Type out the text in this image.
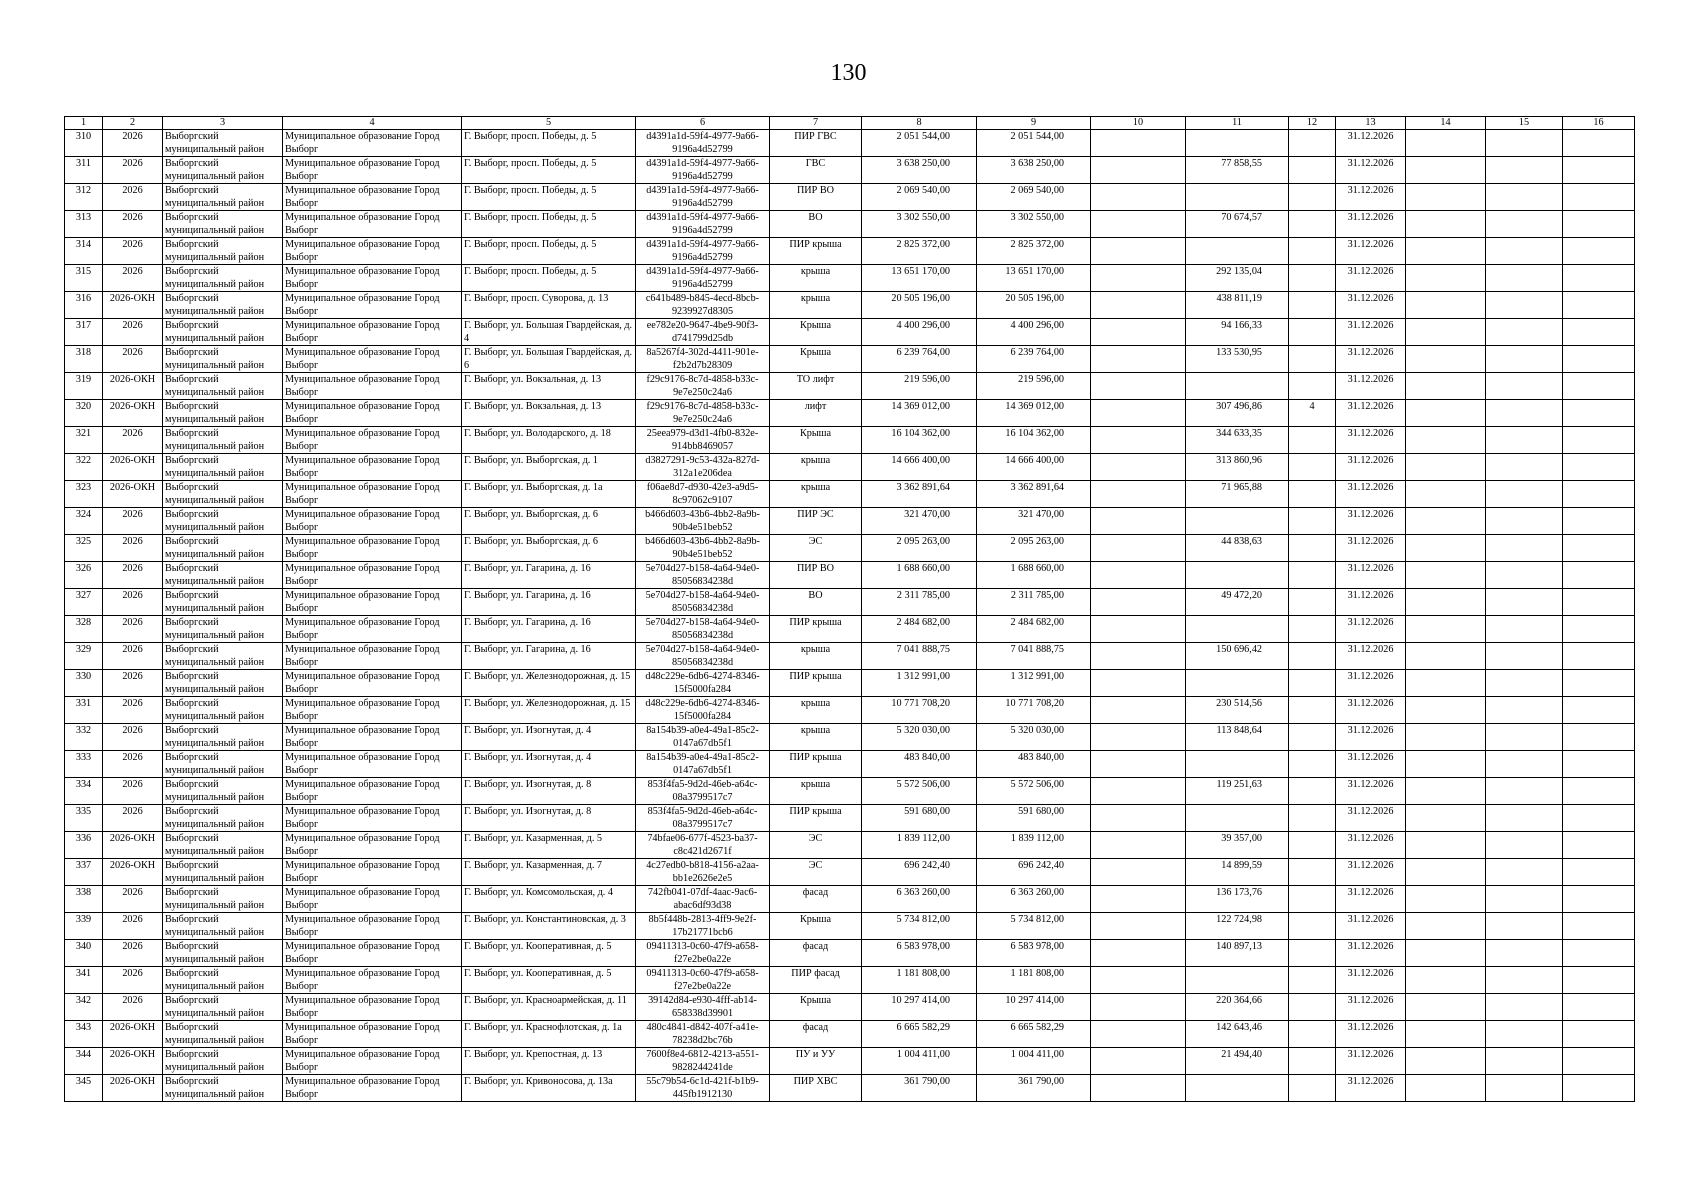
130
1	2	3	4	5	6	7	8	9	10	11	12	13	14	15	16
310	2026	Выборгский муниципальный район	Муниципальное образование Город Выборг	Г. Выборг, просп. Победы, д. 5	d4391a1d-59f4-4977-9a66-9196a4d52799	ПИР ГВС	2 051 544,00	2 051 544,00				31.12.2026			
311	2026	Выборгский муниципальный район	Муниципальное образование Город Выборг	Г. Выборг, просп. Победы, д. 5	d4391a1d-59f4-4977-9a66-9196a4d52799	ГВС	3 638 250,00	3 638 250,00		77 858,55		31.12.2026			
312	2026	Выборгский муниципальный район	Муниципальное образование Город Выборг	Г. Выборг, просп. Победы, д. 5	d4391a1d-59f4-4977-9a66-9196a4d52799	ПИР ВО	2 069 540,00	2 069 540,00				31.12.2026			
313	2026	Выборгский муниципальный район	Муниципальное образование Город Выборг	Г. Выборг, просп. Победы, д. 5	d4391a1d-59f4-4977-9a66-9196a4d52799	ВО	3 302 550,00	3 302 550,00		70 674,57		31.12.2026			
314	2026	Выборгский муниципальный район	Муниципальное образование Город Выборг	Г. Выборг, просп. Победы, д. 5	d4391a1d-59f4-4977-9a66-9196a4d52799	ПИР крыша	2 825 372,00	2 825 372,00				31.12.2026			
315	2026	Выборгский муниципальный район	Муниципальное образование Город Выборг	Г. Выборг, просп. Победы, д. 5	d4391a1d-59f4-4977-9a66-9196a4d52799	крыша	13 651 170,00	13 651 170,00		292 135,04		31.12.2026			
316	2026-ОКН	Выборгский муниципальный район	Муниципальное образование Город Выборг	Г. Выборг, просп. Суворова, д. 13	c641b489-b845-4ecd-8bcb-9239927d8305	крыша	20 505 196,00	20 505 196,00		438 811,19		31.12.2026			
317	2026	Выборгский муниципальный район	Муниципальное образование Город Выборг	Г. Выборг, ул. Большая Гвардейская, д. 4	ee782e20-9647-4be9-90f3-d741799d25db	Крыша	4 400 296,00	4 400 296,00		94 166,33		31.12.2026			
318	2026	Выборгский муниципальный район	Муниципальное образование Город Выборг	Г. Выборг, ул. Большая Гвардейская, д. 6	8a5267f4-302d-4411-901e-f2b2d7b28309	Крыша	6 239 764,00	6 239 764,00		133 530,95		31.12.2026			
319	2026-ОКН	Выборгский муниципальный район	Муниципальное образование Город Выборг	Г. Выборг, ул. Вокзальная, д. 13	f29c9176-8c7d-4858-b33c-9e7e250c24a6	ТО лифт	219 596,00	219 596,00				31.12.2026			
320	2026-ОКН	Выборгский муниципальный район	Муниципальное образование Город Выборг	Г. Выборг, ул. Вокзальная, д. 13	f29c9176-8c7d-4858-b33c-9e7e250c24a6	лифт	14 369 012,00	14 369 012,00		307 496,86	4	31.12.2026			
321	2026	Выборгский муниципальный район	Муниципальное образование Город Выборг	Г. Выборг, ул. Володарского, д. 18	25eea979-d3d1-4fb0-832e-914bb8469057	Крыша	16 104 362,00	16 104 362,00		344 633,35		31.12.2026			
322	2026-ОКН	Выборгский муниципальный район	Муниципальное образование Город Выборг	Г. Выборг, ул. Выборгская, д. 1	d3827291-9c53-432a-827d-312a1e206dea	крыша	14 666 400,00	14 666 400,00		313 860,96		31.12.2026			
323	2026-ОКН	Выборгский муниципальный район	Муниципальное образование Город Выборг	Г. Выборг, ул. Выборгская, д. 1а	f06ae8d7-d930-42e3-a9d5-8c97062c9107	крыша	3 362 891,64	3 362 891,64		71 965,88		31.12.2026			
324	2026	Выборгский муниципальный район	Муниципальное образование Город Выборг	Г. Выборг, ул. Выборгская, д. 6	b466d603-43b6-4bb2-8a9b-90b4e51beb52	ПИР ЭС	321 470,00	321 470,00				31.12.2026			
325	2026	Выборгский муниципальный район	Муниципальное образование Город Выборг	Г. Выборг, ул. Выборгская, д. 6	b466d603-43b6-4bb2-8a9b-90b4e51beb52	ЭС	2 095 263,00	2 095 263,00		44 838,63		31.12.2026			
326	2026	Выборгский муниципальный район	Муниципальное образование Город Выборг	Г. Выборг, ул. Гагарина, д. 16	5e704d27-b158-4a64-94e0-85056834238d	ПИР ВО	1 688 660,00	1 688 660,00				31.12.2026			
327	2026	Выборгский муниципальный район	Муниципальное образование Город Выборг	Г. Выборг, ул. Гагарина, д. 16	5e704d27-b158-4a64-94e0-85056834238d	ВО	2 311 785,00	2 311 785,00		49 472,20		31.12.2026			
328	2026	Выборгский муниципальный район	Муниципальное образование Город Выборг	Г. Выборг, ул. Гагарина, д. 16	5e704d27-b158-4a64-94e0-85056834238d	ПИР крыша	2 484 682,00	2 484 682,00				31.12.2026			
329	2026	Выборгский муниципальный район	Муниципальное образование Город Выборг	Г. Выборг, ул. Гагарина, д. 16	5e704d27-b158-4a64-94e0-85056834238d	крыша	7 041 888,75	7 041 888,75		150 696,42		31.12.2026			
330	2026	Выборгский муниципальный район	Муниципальное образование Город Выборг	Г. Выборг, ул. Железнодорожная, д. 15	d48c229e-6db6-4274-8346-15f5000fa284	ПИР крыша	1 312 991,00	1 312 991,00				31.12.2026			
331	2026	Выборгский муниципальный район	Муниципальное образование Город Выборг	Г. Выборг, ул. Железнодорожная, д. 15	d48c229e-6db6-4274-8346-15f5000fa284	крыша	10 771 708,20	10 771 708,20		230 514,56		31.12.2026			
332	2026	Выборгский муниципальный район	Муниципальное образование Город Выборг	Г. Выборг, ул. Изогнутая, д. 4	8a154b39-a0e4-49a1-85c2-0147a67db5f1	крыша	5 320 030,00	5 320 030,00		113 848,64		31.12.2026			
333	2026	Выборгский муниципальный район	Муниципальное образование Город Выборг	Г. Выборг, ул. Изогнутая, д. 4	8a154b39-a0e4-49a1-85c2-0147a67db5f1	ПИР крыша	483 840,00	483 840,00				31.12.2026			
334	2026	Выборгский муниципальный район	Муниципальное образование Город Выборг	Г. Выборг, ул. Изогнутая, д. 8	853f4fa5-9d2d-46eb-a64c-08a3799517c7	крыша	5 572 506,00	5 572 506,00		119 251,63		31.12.2026			
335	2026	Выборгский муниципальный район	Муниципальное образование Город Выборг	Г. Выборг, ул. Изогнутая, д. 8	853f4fa5-9d2d-46eb-a64c-08a3799517c7	ПИР крыша	591 680,00	591 680,00				31.12.2026			
336	2026-ОКН	Выборгский муниципальный район	Муниципальное образование Город Выборг	Г. Выборг, ул. Казарменная, д. 5	74bfae06-677f-4523-ba37-c8c421d2671f	ЭС	1 839 112,00	1 839 112,00		39 357,00		31.12.2026			
337	2026-ОКН	Выборгский муниципальный район	Муниципальное образование Город Выборг	Г. Выборг, ул. Казарменная, д. 7	4c27edb0-b818-4156-a2aa-bb1e2626e2e5	ЭС	696 242,40	696 242,40		14 899,59		31.12.2026			
338	2026	Выборгский муниципальный район	Муниципальное образование Город Выборг	Г. Выборг, ул. Комсомольская, д. 4	742fb041-07df-4aac-9ac6-abac6df93d38	фасад	6 363 260,00	6 363 260,00		136 173,76		31.12.2026			
339	2026	Выборгский муниципальный район	Муниципальное образование Город Выборг	Г. Выборг, ул. Константиновская, д. 3	8b5f448b-2813-4ff9-9e2f-17b21771bcb6	Крыша	5 734 812,00	5 734 812,00		122 724,98		31.12.2026			
340	2026	Выборгский муниципальный район	Муниципальное образование Город Выборг	Г. Выборг, ул. Кооперативная, д. 5	09411313-0c60-47f9-a658-f27e2be0a22e	фасад	6 583 978,00	6 583 978,00		140 897,13		31.12.2026			
341	2026	Выборгский муниципальный район	Муниципальное образование Город Выборг	Г. Выборг, ул. Кооперативная, д. 5	09411313-0c60-47f9-a658-f27e2be0a22e	ПИР фасад	1 181 808,00	1 181 808,00				31.12.2026			
342	2026	Выборгский муниципальный район	Муниципальное образование Город Выборг	Г. Выборг, ул. Красноармейская, д. 11	39142d84-e930-4fff-ab14-658338d39901	Крыша	10 297 414,00	10 297 414,00		220 364,66		31.12.2026			
343	2026-ОКН	Выборгский муниципальный район	Муниципальное образование Город Выборг	Г. Выборг, ул. Краснофлотская, д. 1а	480c4841-d842-407f-a41e-78238d2bc76b	фасад	6 665 582,29	6 665 582,29		142 643,46		31.12.2026			
344	2026-ОКН	Выборгский муниципальный район	Муниципальное образование Город Выборг	Г. Выборг, ул. Крепостная, д. 13	7600f8e4-6812-4213-a551-9828244241de	ПУ и УУ	1 004 411,00	1 004 411,00		21 494,40		31.12.2026			
345	2026-ОКН	Выборгский муниципальный район	Муниципальное образование Город Выборг	Г. Выборг, ул. Кривоносова, д. 13а	55c79b54-6c1d-421f-b1b9-445fb1912130	ПИР ХВС	361 790,00	361 790,00				31.12.2026			
